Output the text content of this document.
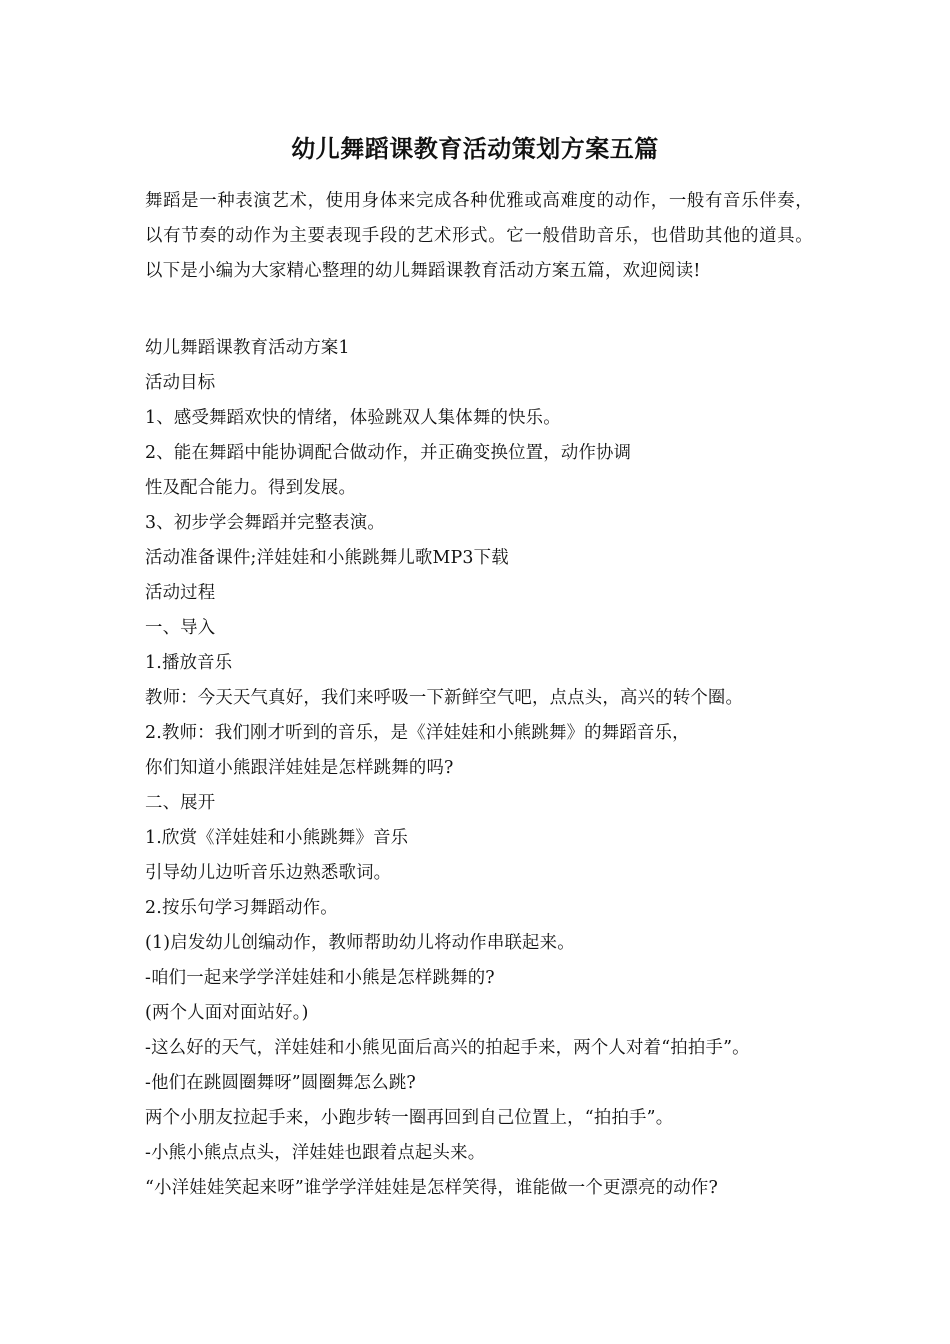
幼儿舞蹈课教育活动策划方案五篇

舞蹈是一种表演艺术，使用身体来完成各种优雅或高难度的动作，一般有音乐伴奏，以有节奏的动作为主要表现手段的艺术形式。它一般借助音乐，也借助其他的道具。以下是小编为大家精心整理的幼儿舞蹈课教育活动方案五篇，欢迎阅读!

幼儿舞蹈课教育活动方案1
活动目标
1、感受舞蹈欢快的情绪，体验跳双人集体舞的快乐。
2、能在舞蹈中能协调配合做动作，并正确变换位置，动作协调
性及配合能力。得到发展。
3、初步学会舞蹈并完整表演。
活动准备课件;洋娃娃和小熊跳舞儿歌MP3下载
活动过程
一、导入
1.播放音乐
教师：今天天气真好，我们来呼吸一下新鲜空气吧，点点头，高兴的转个圈。
2.教师：我们刚才听到的音乐，是《洋娃娃和小熊跳舞》的舞蹈音乐，
你们知道小熊跟洋娃娃是怎样跳舞的吗?
二、展开
1.欣赏《洋娃娃和小熊跳舞》音乐
引导幼儿边听音乐边熟悉歌词。
2.按乐句学习舞蹈动作。
(1)启发幼儿创编动作，教师帮助幼儿将动作串联起来。
-咱们一起来学学洋娃娃和小熊是怎样跳舞的?
(两个人面对面站好。)
-这么好的天气，洋娃娃和小熊见面后高兴的拍起手来，两个人对着“拍拍手”。
-他们在跳圆圈舞呀”圆圈舞怎么跳?
两个小朋友拉起手来，小跑步转一圈再回到自己位置上，“拍拍手”。
-小熊小熊点点头，洋娃娃也跟着点起头来。
“小洋娃娃笑起来呀”谁学学洋娃娃是怎样笑得，谁能做一个更漂亮的动作?
